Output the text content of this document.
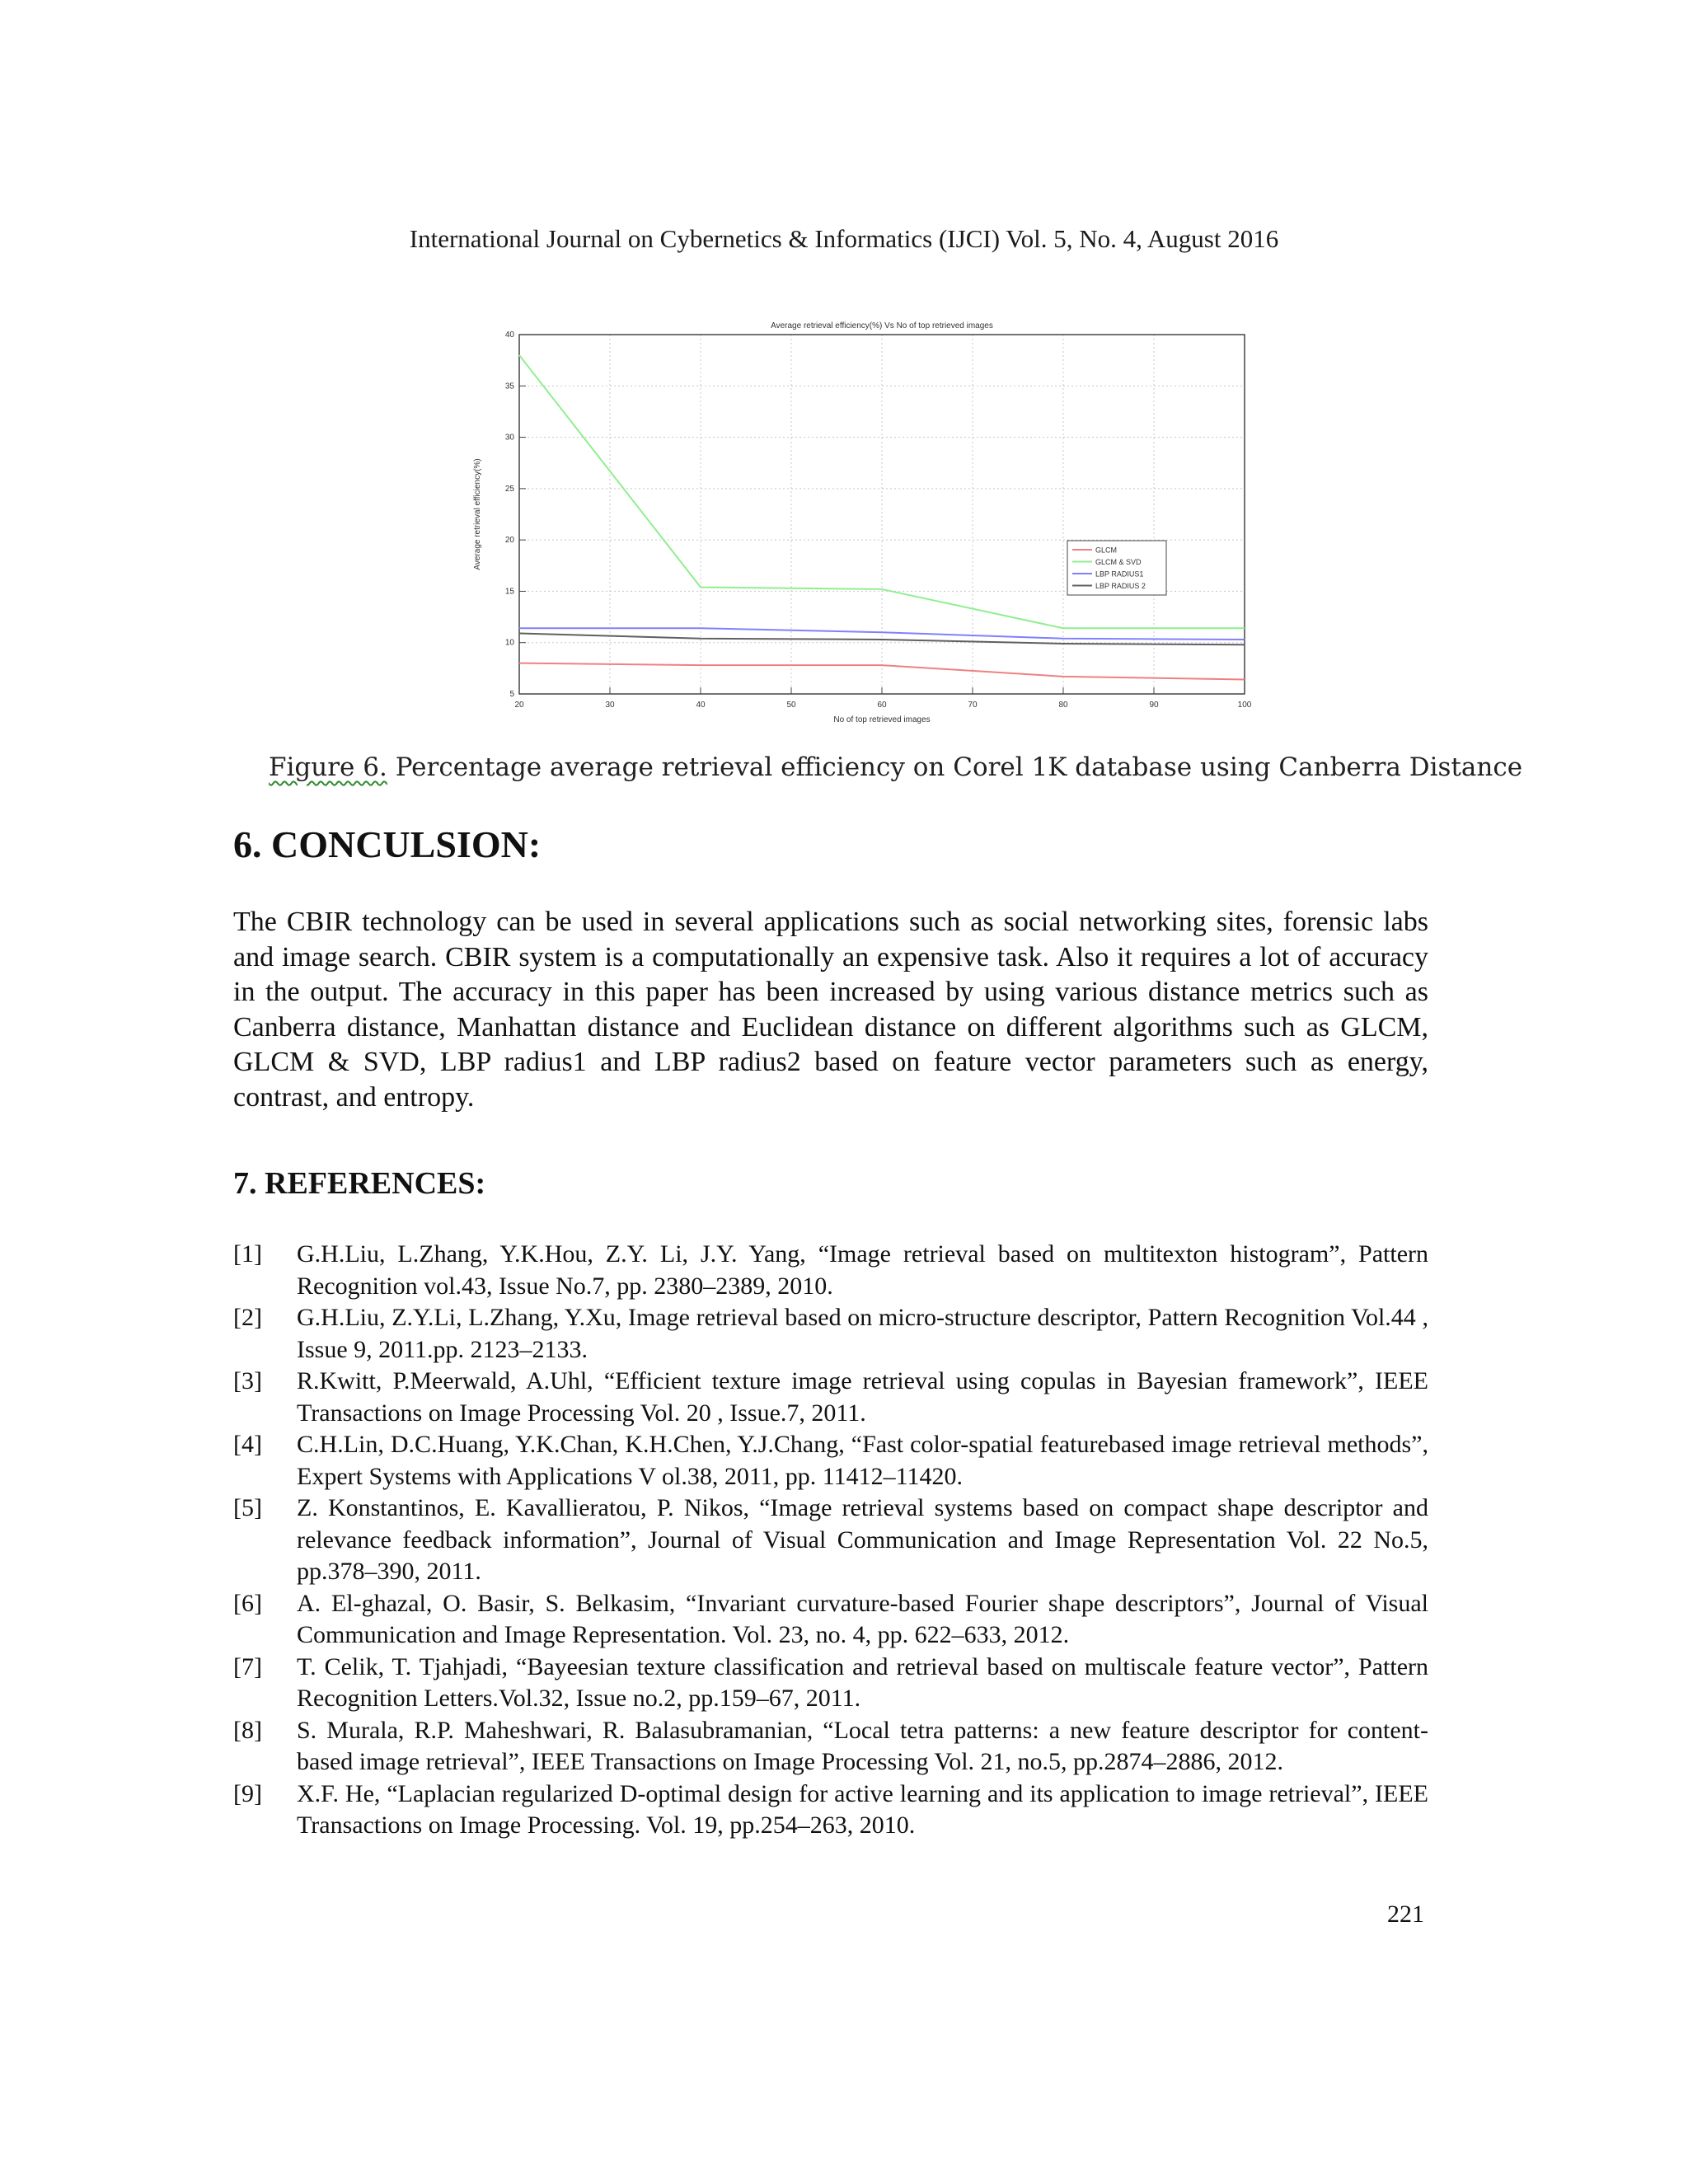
International Journal on Cybernetics & Informatics (IJCI) Vol. 5, No. 4, August 2016
20	30	40	50	60	70	80	90	100
5
10
15
20
25
30
35
40
Average retrieval efficiency(%) Vs No of top retrieved images
No of top retrieved images
Average retrieval efficiency(%)	GLCM
GLCM & SVD
LBP RADIUS1
LBP RADIUS 2
Figure 6. Percentage average retrieval efficiency on Corel 1K database using Canberra Distance
6. CONCULSION:

The CBIR technology can be used in several applications such as social networking sites, forensic labs and image search. CBIR system is a computationally an expensive task. Also it requires a lot of accuracy in the output. The accuracy in this paper has been increased by using various distance metrics such as Canberra distance, Manhattan distance and Euclidean distance on different algorithms such as GLCM, GLCM & SVD, LBP radius1 and LBP radius2 based on feature vector parameters such as energy, contrast, and entropy.

7. REFERENCES:
[1] G.H.Liu, L.Zhang, Y.K.Hou, Z.Y. Li, J.Y. Yang, “Image retrieval based on multitexton histogram”, Pattern Recognition vol.43, Issue No.7, pp. 2380–2389, 2010.
[2] G.H.Liu, Z.Y.Li, L.Zhang, Y.Xu, Image retrieval based on micro-structure descriptor, Pattern Recognition Vol.44 , Issue 9, 2011.pp. 2123–2133.
[3] R.Kwitt, P.Meerwald, A.Uhl, “Efficient texture image retrieval using copulas in Bayesian framework”, IEEE Transactions on Image Processing Vol. 20 , Issue.7, 2011.
[4] C.H.Lin, D.C.Huang, Y.K.Chan, K.H.Chen, Y.J.Chang, “Fast color-spatial featurebased image retrieval methods”, Expert Systems with Applications V ol.38, 2011, pp. 11412–11420.
[5] Z. Konstantinos, E. Kavallieratou, P. Nikos, “Image retrieval systems based on compact shape descriptor and relevance feedback information”, Journal of Visual Communication and Image Representation Vol. 22 No.5, pp.378–390, 2011.
[6] A. El-ghazal, O. Basir, S. Belkasim, “Invariant curvature-based Fourier shape descriptors”, Journal of Visual Communication and Image Representation. Vol. 23, no. 4, pp. 622–633, 2012.
[7] T. Celik, T. Tjahjadi, “Bayeesian texture classification and retrieval based on multiscale feature vector”, Pattern Recognition Letters.Vol.32, Issue no.2, pp.159–67, 2011.
[8] S. Murala, R.P. Maheshwari, R. Balasubramanian, “Local tetra patterns: a new feature descriptor for content-based image retrieval”, IEEE Transactions on Image Processing Vol. 21, no.5, pp.2874–2886, 2012.
[9] X.F. He, “Laplacian regularized D-optimal design for active learning and its application to image retrieval”, IEEE Transactions on Image Processing. Vol. 19, pp.254–263, 2010.
221
